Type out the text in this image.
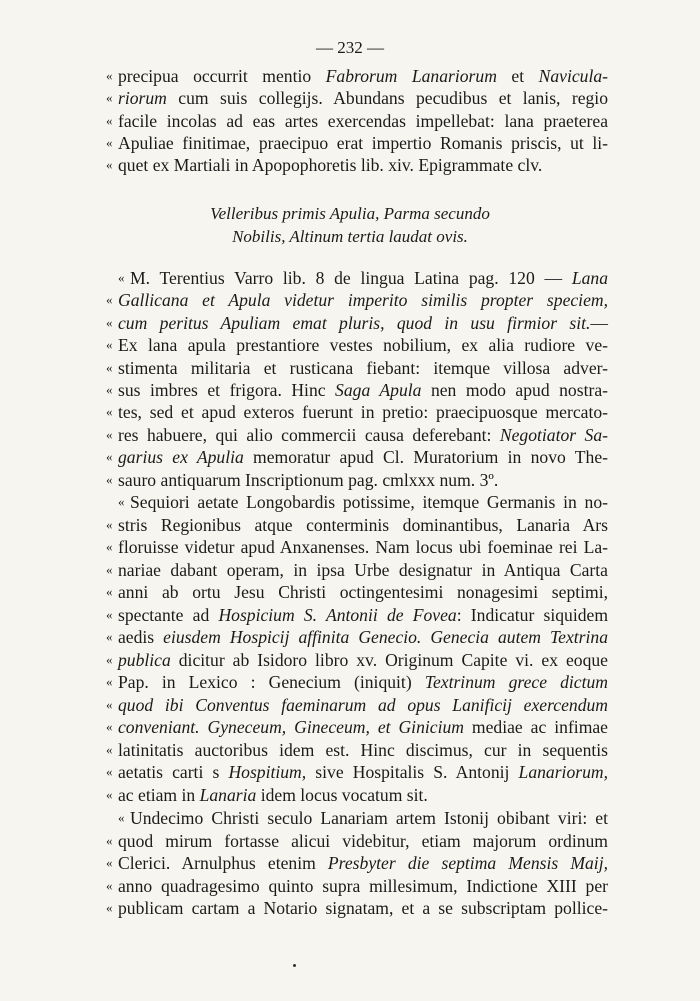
— 232 —
« precipua occurrit mentio Fabrorum Lanariorum et Navicula-
« riorum cum suis collegijs. Abundans pecudibus et lanis, regio
« facile incolas ad eas artes exercendas impellebat: lana praeterea
« Apuliae finitimae, praecipuo erat impertio Romanis priscis, ut li-
« quet ex Martiali in Apopophoretis lib. xiv. Epigrammate clv.
Velleribus primis Apulia, Parma secundo
Nobilis, Altinum tertia laudat ovis.
« M. Terentius Varro lib. 8 de lingua Latina pag. 120 — Lana
« Gallicana et Apula videtur imperito similis propter speciem,
« cum peritus Apuliam emat pluris, quod in usu firmior sit.—
« Ex lana apula prestantiore vestes nobilium, ex alia rudiore ve-
« stimenta militaria et rusticana fiebant: itemque villosa adver-
« sus imbres et frigora. Hinc Saga Apula nen modo apud nostra-
« tes, sed et apud exteros fuerunt in pretio: praecipuosque mercato-
« res habuere, qui alio commercii causa deferebant: Negotiator Sa-
« garius ex Apulia memoratur apud Cl. Muratorium in novo The-
« sauro antiquarum Inscriptionum pag. cmlxxx num. 3º.
« Sequiori aetate Longobardis potissime, itemque Germanis in no-
« stris Regionibus atque conterminis dominantibus, Lanaria Ars
« floruisse videtur apud Anxanenses. Nam locus ubi foeminae rei La-
« nariae dabant operam, in ipsa Urbe designatur in Antiqua Carta
« anni ab ortu Jesu Christi octingentesimi nonagesimi septimi,
« spectante ad Hospicium S. Antonii de Fovea: Indicatur siquidem
« aedis eiusdem Hospicij affinita Genecio. Genecia autem Textrina
« publica dicitur ab Isidoro libro xv. Originum Capite vi. ex eoque
« Pap. in Lexico : Genecium (iniquit) Textrinum grece dictum
« quod ibi Conventus faeminarum ad opus Lanificij exercendum
« conveniant. Gyneceum, Gineceum, et Ginicium mediae ac infimae
« latinitatis auctoribus idem est. Hinc discimus, cur in sequentis
« aetatis carti s Hospitium, sive Hospitalis S. Antonij Lanariorum,
« ac etiam in Lanaria idem locus vocatum sit.
« Undecimo Christi seculo Lanariam artem Istonij obibant viri: et
« quod mirum fortasse alicui videbitur, etiam majorum ordinum
« Clerici. Arnulphus etenim Presbyter die septima Mensis Maij,
« anno quadragesimo quinto supra millesimum, Indictione XIII per
« publicam cartam a Notario signatam, et a se subscriptam pollice-
